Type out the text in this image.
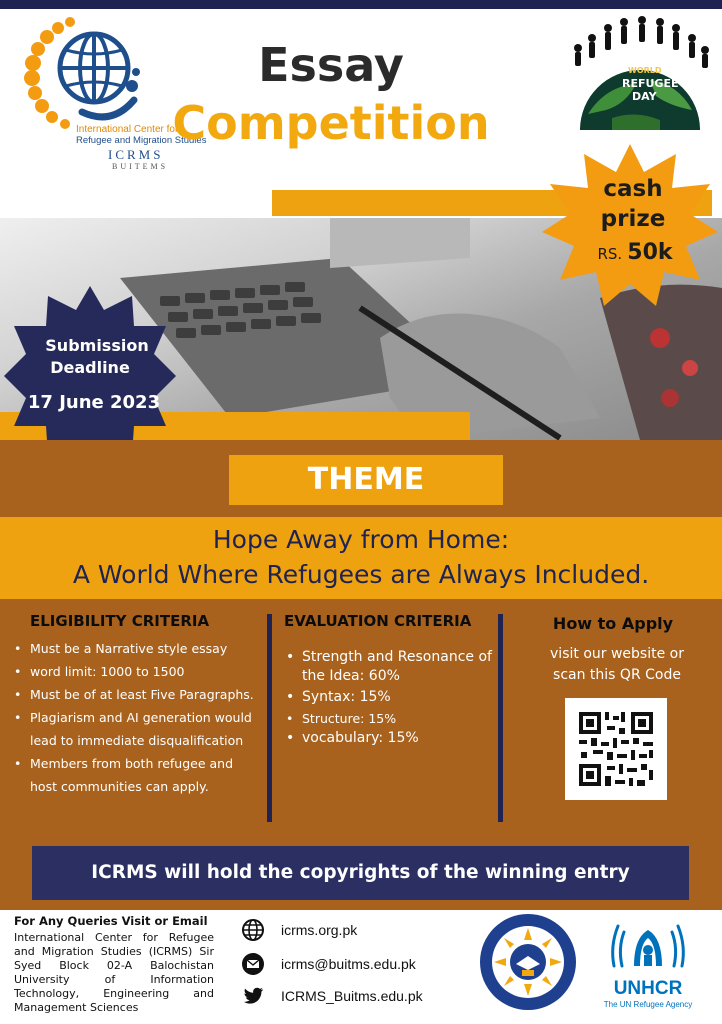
International Center for
Refugee and Migration Studies
ICRMS
BUITEMS
Essay
Competition
WORLD
REFUGEE
DAY
cash
prize
RS. 50k
Submission
Deadline
17 June 2023
THEME
Hope Away from Home:
A World Where Refugees are Always Included.
ELIGIBILITY CRITERIA
• Must be a Narrative style essay
• word limit: 1000 to 1500
• Must be of at least Five Paragraphs.
• Plagiarism and AI generation would lead to immediate disqualification
• Members from both refugee and host communities can apply.
EVALUATION CRITERIA
• Strength and Resonance of the Idea: 60%
• Syntax: 15%
• Structure: 15%
• vocabulary: 15%
How to Apply
visit our website or scan this QR Code
ICRMS will hold the copyrights of the winning entry
For Any Queries Visit or Email
International Center for Refugee and Migration Studies (ICRMS) Sir Syed Block 02-A Balochistan University of Information Technology, Engineering and Management Sciences
icrms.org.pk
icrms@buitms.edu.pk
ICRMS_Buitms.edu.pk	UNHCR
The UN Refugee Agency
